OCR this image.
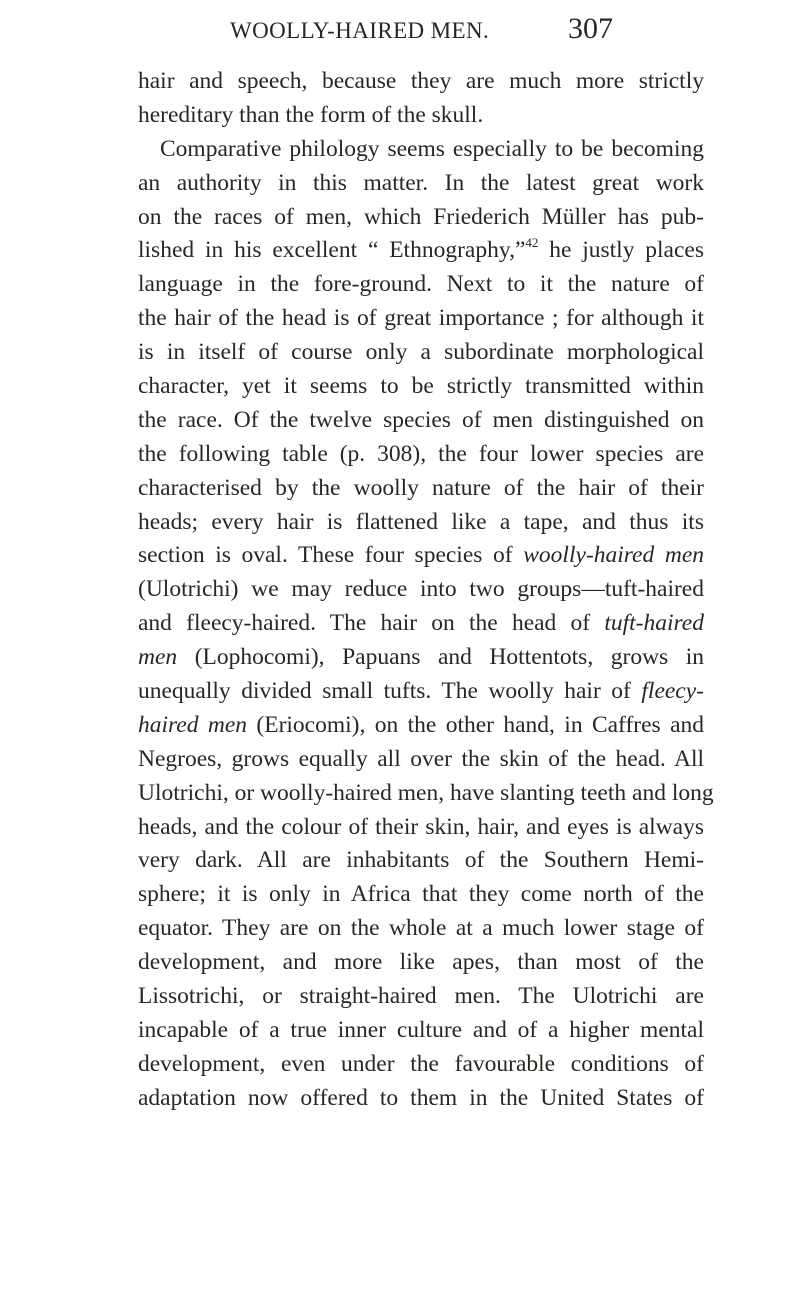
WOOLLY-HAIRED MEN.	307
hair and speech, because they are much more strictly
hereditary than the form of the skull.
Comparative philology seems especially to be becoming
an authority in this matter. In the latest great work
on the races of men, which Friederich Müller has pub-
lished in his excellent “ Ethnography,”$^{42}$ he justly places
language in the fore-ground. Next to it the nature of
the hair of the head is of great importance ; for although it
is in itself of course only a subordinate morphological
character, yet it seems to be strictly transmitted within
the race. Of the twelve species of men distinguished on
the following table (p. 308), the four lower species are
characterised by the woolly nature of the hair of their
heads; every hair is flattened like a tape, and thus its
section is oval. These four species of woolly-haired men
(Ulotrichi) we may reduce into two groups—tuft-haired
and fleecy-haired. The hair on the head of tuft-haired
men (Lophocomi), Papuans and Hottentots, grows in
unequally divided small tufts. The woolly hair of fleecy-
haired men (Eriocomi), on the other hand, in Caffres and
Negroes, grows equally all over the skin of the head. All
Ulotrichi, or woolly-haired men, have slanting teeth and long
heads, and the colour of their skin, hair, and eyes is always
very dark. All are inhabitants of the Southern Hemi-
sphere; it is only in Africa that they come north of the
equator. They are on the whole at a much lower stage of
development, and more like apes, than most of the
Lissotrichi, or straight-haired men. The Ulotrichi are
incapable of a true inner culture and of a higher mental
development, even under the favourable conditions of
adaptation now offered to them in the United States of
